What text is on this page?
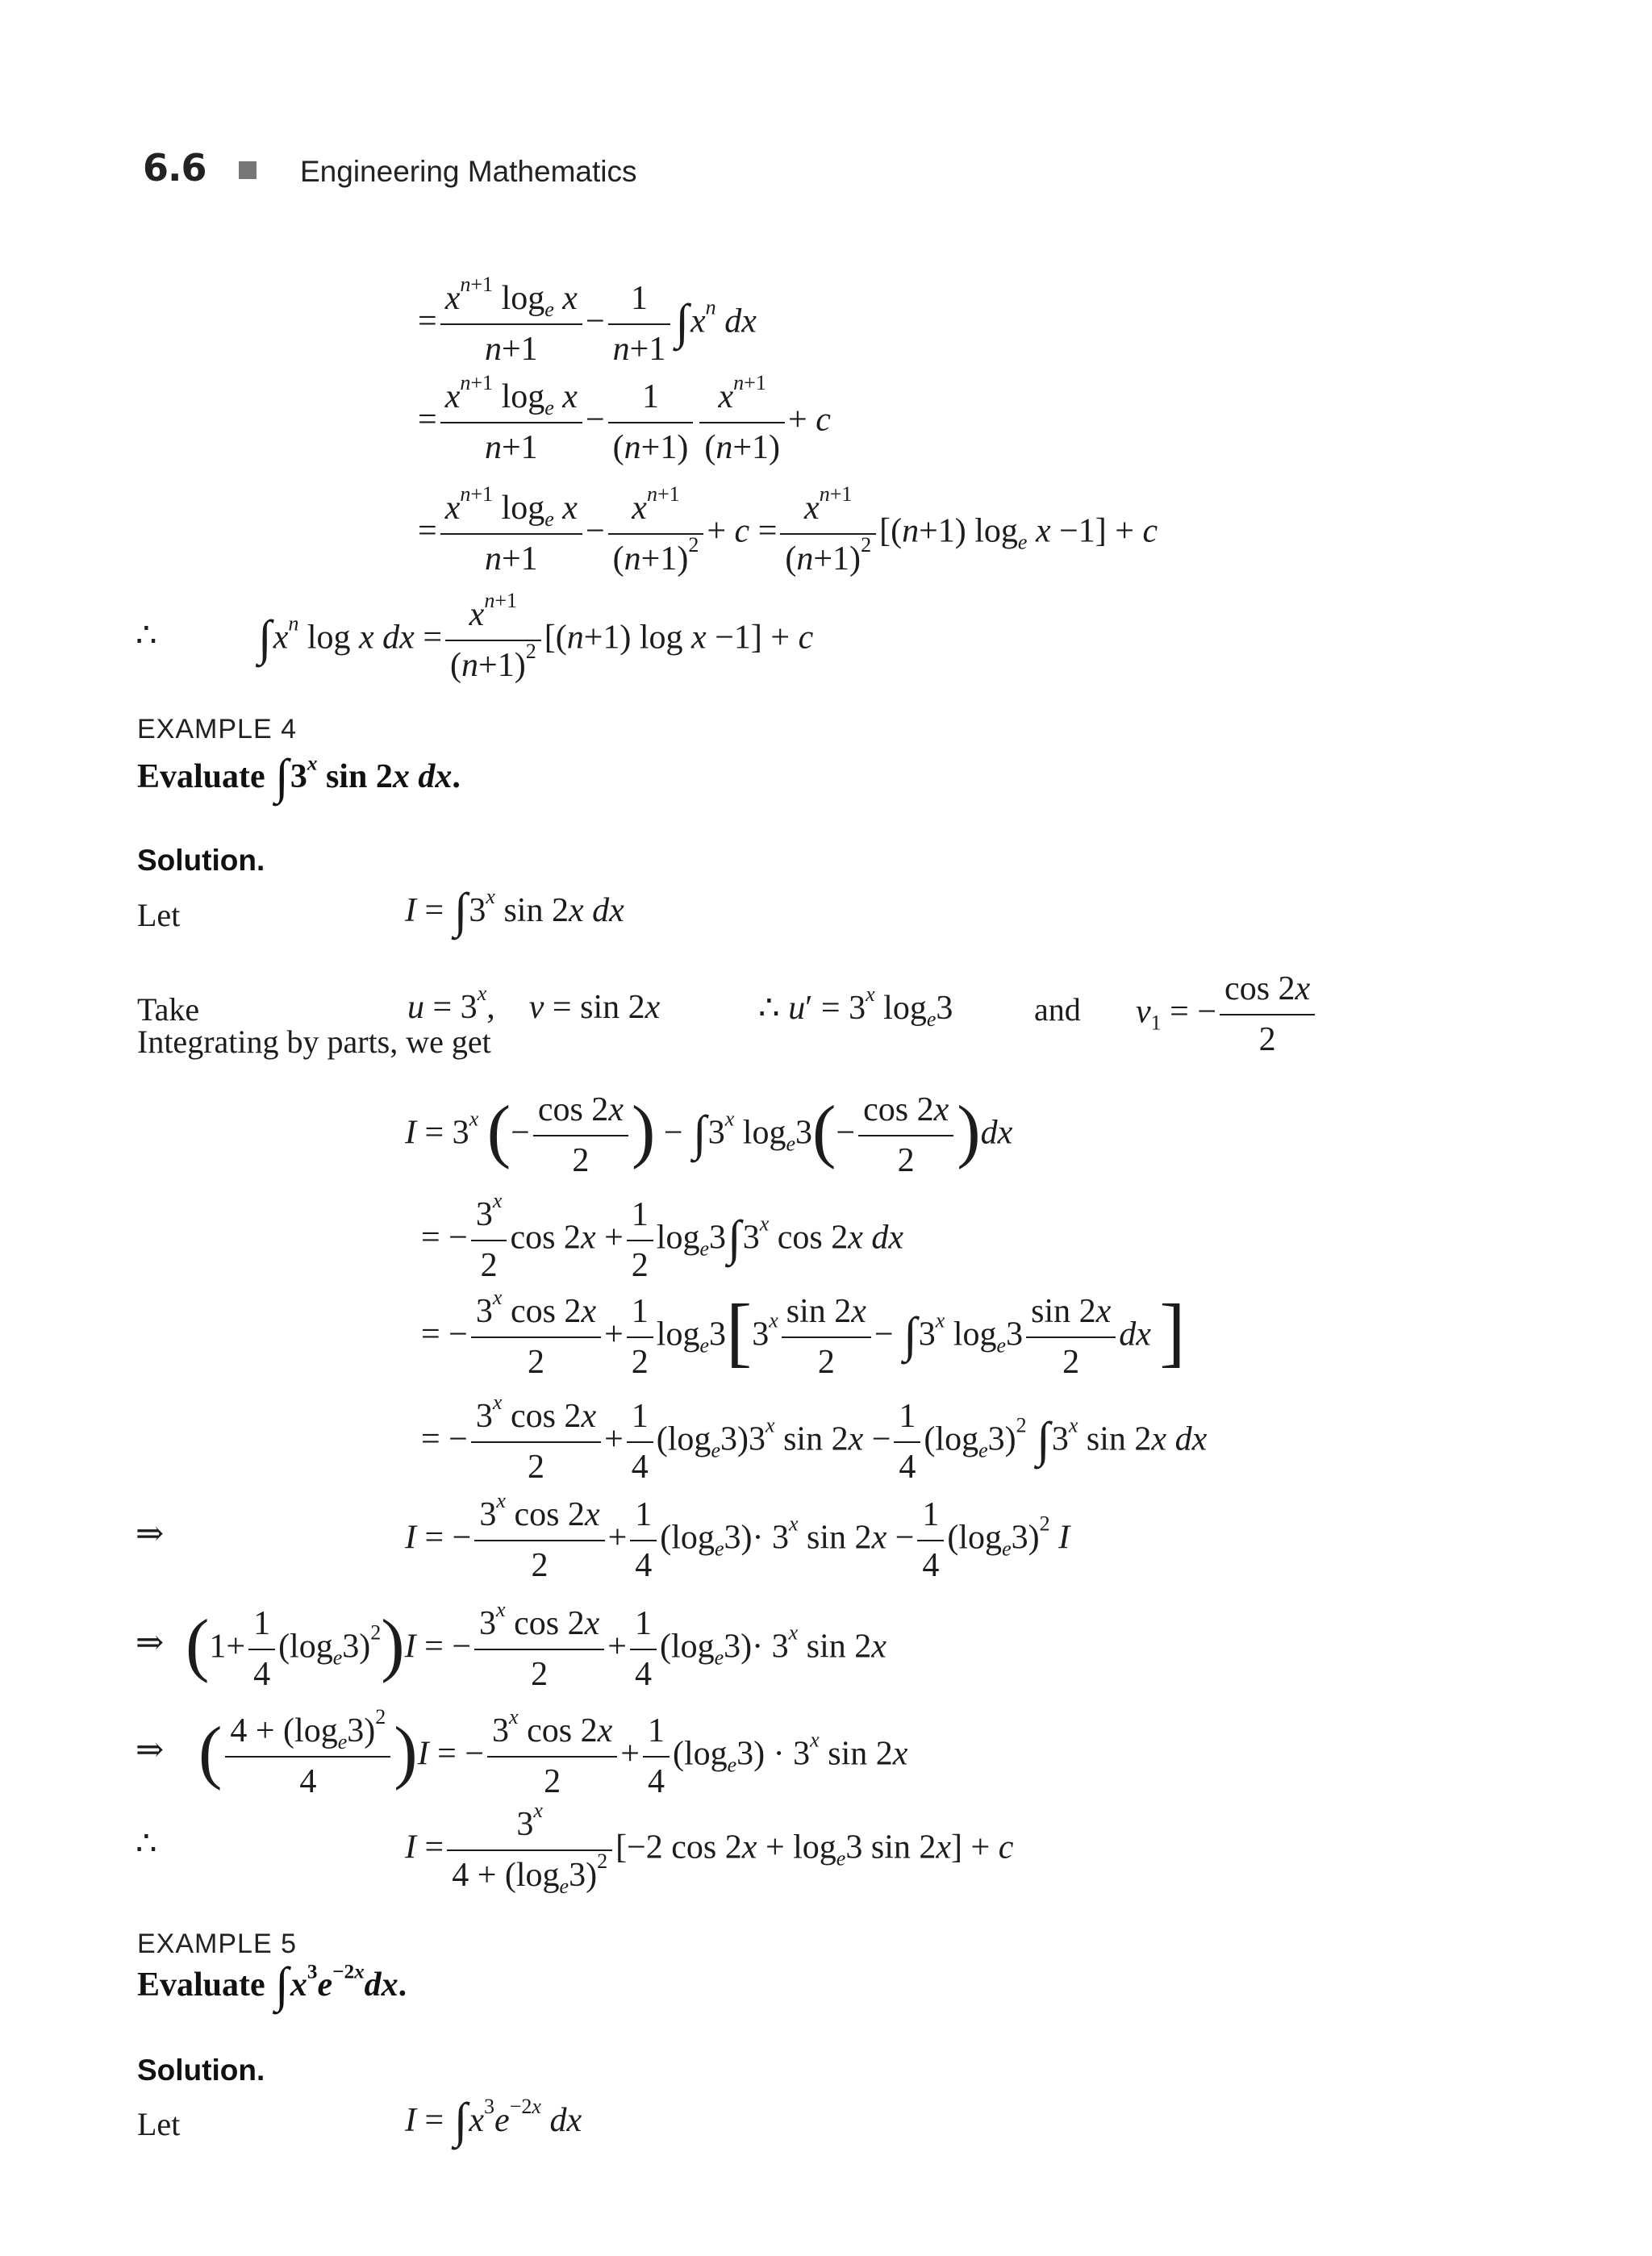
6.6	Engineering Mathematics
= $\frac{x^{n+1} \log_e x}{n+1} - \frac{1}{n+1} \int x^n$ dx
= $\frac{x^{n+1} \log_e x}{n+1} - \frac{1}{(n+1)} \frac{x^{n+1}}{(n+1)} + c$
= $\frac{x^{n+1} \log_e x}{n+1} - \frac{x^{n+1}}{(n+1)^2} + c = \frac{x^{n+1}}{(n+1)^2} [(n+1)$ $\log_e x -1] + c$
∴ $\int x^n$ log x dx = $\frac{x^{n+1}}{(n+1)^2} [(n+1)$ log x −1] + c
EXAMPLE 4
Evaluate ∫3$^x$ sin 2x dx.
Solution.
Let	$I = \int 3^x$ sin 2x dx
Take	$u = 3^x$,    v = sin 2x	∴ $u' = 3^x$ $\log_e3$	and $v_1$ = − $\frac{\cos 2x}{2}$
Integrating by parts, we get
$I = 3^x$ (− $\frac{\cos 2x}{2}$ ) − $\int 3^x$ $\log_e3(- \frac{\cos 2x}{2} )dx$
= − $\frac{3^x}{2}$ $\cos 2x + \frac{1}{2} \log_e3\int 3^x$ cos 2x dx
= − $\frac{3^x \cos 2x}{2} + \frac{1}{2} \log_e3[3^x \frac{\sin 2x}{2} - \int 3^x$ $\log_e3 \frac{\sin 2x}{2}$ dx ]
= − $\frac{3^x \cos 2x}{2} + \frac{1}{4} (\log_e3)3^x$ $\sin 2x - \frac{1}{4} (\log_e3)^2$ ∫3$^x$ sin 2x dx
⇒	I = − $\frac{3^x \cos 2x}{2} + \frac{1}{4} (\log_e3)\cdot 3^x$ $\sin 2x - \frac{1}{4} (\log_e3)^2$ I
⇒ $(1+ \frac{1}{4} (\log_e3)^2)I$ = − $\frac{3^x \cos 2x}{2} + \frac{1}{4} (\log_e3)\cdot 3^x$ sin 2x
⇒ ( $\frac{4 + (\log_e3)^2}{4} )I$ = − $\frac{3^x \cos 2x}{2} + \frac{1}{4} (\log_e3) \cdot 3^x$ sin 2x
∴	$I = \frac{3^x}{4 + (\log_e3)^2} [-2$ $\cos 2x + \log_e3$ sin 2x] + c
EXAMPLE 5
Evaluate $\int x^3e^{-2x}dx$.
Solution.
Let	$I = \int x^3e^{-2x}$ dx
